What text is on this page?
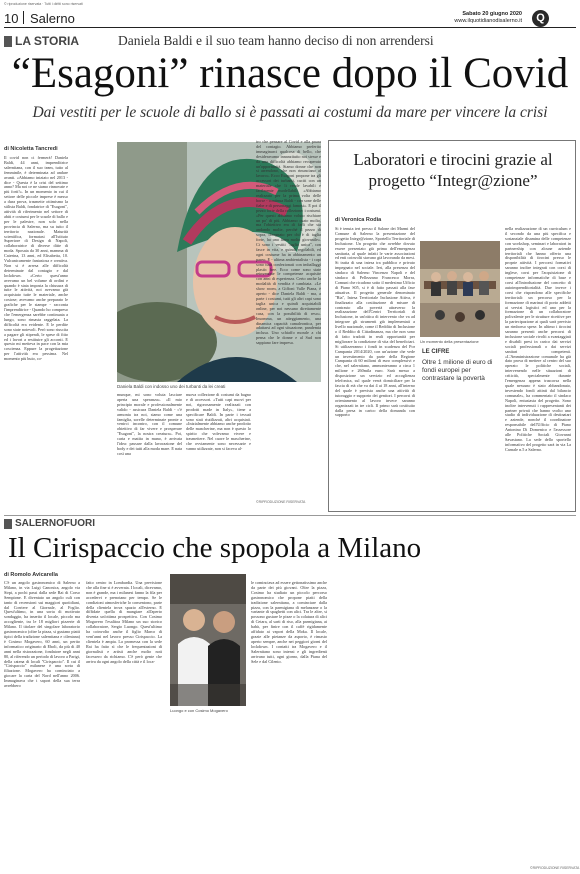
© riproduzione riservata · Tutti i diritti sono riservati
10 Salerno	Sabato 20 giugno 2020
www.ilquotidianodisalerno.it	Q
LA STORIA	Daniela Baldi e il suo team hanno deciso di non arrendersi
“Esagoni” rinasce dopo il Covid
Dai vestiti per le scuole di ballo si è passati ai costumi da mare per vincere la crisi
di Nicoletta Tancredi
Il covid non ci fermerà! Daniela Baldi, 44 anni, imprenditrice salernitana, con il suo team, tutto al femminile, è determinata ad andare avanti. «Abbiamo iniziato nel 2013 - dice - Questa è la crisi del settimo anno? Ma noi ce ne siamo rinnovate e più forti!». In un momento in cui il settore delle piccole imprese è messo a dura prova, trasmette ottimismo la stilista Baldi, fondatrice di "Esagoni", attività di riferimento nel settore di abiti e costumi per le scuole di ballo e per le palestre, non solo nella provincia di Salerno, ma su tutto il territorio nazionale. Maturità scientifica, formatasi all'Istituto Superiore di Design di Napoli, collaboratrice di diverse ditte di moda. Sposata da 30 anni, mamma di Caterina, 13 anni, ed Elisabetta, 10. Vulcanicamente fantasiosa e creativa. Non si è arresa alle difficoltà determinate dal contagio e dal lockdown. «Certo quest'anno avevamo un bel volume di ordini e quando è stata imposta la chiusura di tutte le attività, noi avevamo già acquistato tutte le materiale, anche costose; avevamo anche preparato le grafiche per le stampe - racconta l'imprenditrice - Quando ho compreso che l'emergenza sarebbe continuata a lungo, sono rimasta raggelata. La difficoltà era evidente. E le perdite sono state notevoli. Però sono riuscita a pagare gli stipendi, le spese di fitto ed i lavori a restituire gli acconti. E questo mi metteva in pace con la mia coscienza. Eppure la progettazione per l'attività era pessima. Nel momento più buio, co-
Daniela Baldi con indosso uno dei turbanti da lei creati
munque, mi sono voluta lasciare aperta una speranza». «Il mio principio morale e professionalmente valido - assicura Daniela Baldi - c'è armonia tra noi, siamo come una famiglia, sorelle determinate pronte a venirci incontro, con il comune obiettivo di far vivere e prosperare "Esagoni", la nostra creatura». Poi, carta e matita in mano, è arrivata l'idea: passare dalla lavorazione del body e dei tutti alla moda mare. E nata così una
nuova collezione di costumi da bagno e di accessori. «Tutti capi nuovi per noi, rigorosamente realizzati con prodotti made in Italy», tiene a specificare Baldi. In parte i tessuti sono stati riutilizzati, altri acquistati. «Inizialmente abbiamo anche prodotto delle mascherine, ma non è questo lo spirito che volevamo vivere e trasmettere. Nel cuore le mascherine, che ovviamente sono necessarie e vanno utilizzate, non si faceva al-
tro che pensare al Covid e alla paura del contagio. Abbiamo preferito immaginarci qualcosa di bello, che desideravamo innanzitutto noi stesse e da una difficoltà abbiamo recuperato un'opportunità. Siamo donne che non si arrendono, che non rinunciano al lavoro». Ecco Esagoni propone tra gli accessori dei turbanti, cuciti con un materiale che li rende lavabili e facilmente modellabili. «Abbiamo realizzato per la prima volta delle borse - continua Baldi - con sone delle fiabe e di personaggi famosi». E poi il pezzo forte della collezione: i costumi. «Per questi abbiamo voluto rischiare un po' di più. Abbiamo osato molto, ma l'obiettivo era di farli che sia andando molte, perché il pezzo di sopra, disegnato per chi è di taglia forte, ha una linea molto giovanile». Ci sono i vestiti "taglia unica", con fasce in vita, e quindi regolabili, ed ogni costume ha in abbinamento un pareo. E - ultima ambientalista - i capi sono tutti confezionati con imballaggi plastic free. Ecco come sono state reinventate le competenze acquisite con anni di esperienza. Certo anche la modalità di vendita è cambiata. «Le show room, a Giffoni Valle Piana, è aperto - dice Daniela Baldi - ma, a parte i costumi, tutti gli altri capi sono taglia unica e quindi acquistabili online, per noi nessuno direttamente casa, con la possibilità di reso». Insomma, un atteggiamento, una dinamica capacità camaleontica, per adattarsi ad ogni situazione, pandemia inclusa. Uno schiaffo morale a chi pensa che le donne e al Sud non sappiano fare impresa.
©RIPRODUZIONE RISERVATA
Laboratori e tirocini grazie al progetto “Integr@zione”
di Veronica Rodia
Si è tenuta ieri presso il Salone dei Marmi del Comune di Salerno la presentazione del progetto Integr@zione, Sportello Territoriale di Inclusione. Un progetto che avrebbe dovuto essere presentato già prima dell'emergenza sanitaria, al quale infatti le varie associazioni ed enti coinvolti stavano già lavorando da mesi. Si tratta di una intesa tra pubblico e privato impegnato nel sociale. Ieri, alla presenza del sindaco di Salerno Vincenzo Napoli e del sindaco di Pellezzano Francesco Morra, Comuni che ricadono sotto il medesimo Ufficio di Piano S05, si è di fatto passati alla fase attuativa. Il progetto generale denominato "Ria", Intesa Territoriale Inclusione Attiva, è finalizzato alla costituzione di misure di contrasto alla povertà attraverso la realizzazione dell'Centri Territoriali di Inclusione, in un'ottica di intervento che va ad integrare gli strumenti già implementati a livello nazionale, come il Reddito di Inclusione o il Reddito di Cittadinanza, ma che non sono di fatto tradotti in reali opportunità per migliorare la condizione di vita del beneficiari. Si utilizzeranno i fondi in scadenza del Por Campania 2014/2020, con un'azione che vede un investimento da parte della Regione Campania di 60 milioni di euro complessivi e che, nel salernitano, ammonteranno a circa 1 milione e 260mila euro. Sarà messo a disposizione un servizio ed accoglienza telefonica, sul quale verrà domiciliare per la fascia di età che va dai 4 ai 18 anni, all'interno del quale è prevista anche una attività di tutoraggio e supporto dei genitori. I percorsi di orientamento al lavoro invece saranno organizzati in tre cicli. Il primo sarà costituito dalla presa in carico della domanda con supporto
Un momento della presentazione
LE CIFRE
Oltre 1 milione di euro di fondi europei per contrastare la povertà
nella realizzazione di un curriculum e il secondo da una più specifica e sostanziale disamina delle competenze con workshop, seminari e laboratori in partnership con alcune aziende territoriali che hanno offerto una disponibilità di tirocini presso le proprie attività. I percorsi formativi saranno inoltre integrati con corsi di inglese, corsi per l'acquisizione di competenze informatiche di base e corsi all'introduzione del concetto di autoimprenditorialità. Due invece i corsi che rispondono alle specifiche territoriali: un percorso per la formazione di marinai di porto addetti ai servizi logistici ed uno per la formazione di un collaboratore polivalente per le strutture ricettive per la partecipazione ai quali sarà previsto un rimborso spese. In ultimo i tirocini saranno presenti anche percorsi di inclusione sociale rivolti a svantaggiati e disabili presi in carico dai servizi sociali professionali o dai servizi sanitari competenti. «L'Amministrazione comunale ha già dato prova di mettere al centro del suo operato le politiche sociali, intervenendo nelle situazioni di criticità, specialmente durante l'emergenza appena trascorsa nella quale nessuno è stato abbandonato, investendo fondi attinti dal bilancio comunale», ha commentato il sindaco Napoli, entusiasta del progetto. Sono inoltre intervenuti i rappresentanti dei partner privati che hanno svolto uno studio di individuazione di destinatari e aziende, nonché il coordinatore responsabile dell'Ufficio di Piano Antonino Di Domenico e l'assessore alle Politiche Sociali Giovanni Savastano. La sede dello sportello informativo del progetto sarà in via La Carnale n.5 a Salerno.
SALERNOFUORI
Il Cirispaccio che spopola a Milano
di Romolo Avicarella
C'è un angolo gastronomico di Salerno a Milano, in via Luigi Canonica, angolo via Sirpi, a pochi passi dalla sede Rai di Corso Sempione. E diventato un angolo cult con tanto di recensioni sui maggiori quotidiani, dal Corriere al Giornale, al Foglio. Quest'ultimo, in una sorta di motivato sondaggio, ha inserito il locale, piccolo ma accogliente, tra le 18 migliori pizzerie di Milano. Il titolare del singolare laboratorio gastronomico (oltre la pizza, si gustano piatti tipici della tradizione salernitana e cilentana) è Cosimo Mogavero, 60 anni, un perito informatico originario di Eboli, da più di 40 anni nella ristorazione, fondatore negli anni 80, al riferendo un periodo di lavoro a Parigi, della catena di locali "Cirispaccio". Il cui il "Cirispaccio" milanese è una sorta di filiazione. Mogavero ha cominciato a giocare la carta del Nord nell'anno 2006. Immaginava che i sapori della sua terra avrebbero
fatto centro in Lombardia. Una previsione che alla fine si è avverata. I locali, dicevamo, non è grande, ma i milanesi fanno la fila per accedervi e prenotano per tempo. Se le condizioni atmosferiche lo consentono, parte della clientela trova spazio all'esterno. E diffidate quella di mangiare all'aperto diventa un'ottima prospettiva. Con Cosimo Mogavero l'esalitoa Milano un suo storico collaboratore, Sergio Luongo. Quest'ultimo ha coinvolto anche il figlio Marco di vent'anni nel lavoro presso Cirispaccio. La clientela è ampia. La promessa con la sede Rai ha fatto sì che le frequentazioni di giornalisti e artisti anche molto noti facessero da richiamo. C'è però gente che arriva da ogni angolo della città e il loca-
Luongo e con Cosimo Mogavero
le cominciava ad essere gettonatissimo anche da parte dei più giovani. Oltre la pizza, Cosimo ha studiato un piccolo percorso gastronomico che propone piatti della tradizione salernitana, a cominciare dalla pizza, con la parmigiana di melanzane o la variante di spaghetti con alici. Tra le altre, si possono gustare le pizze o la colatura di alici di Cetara, al sarti di riso, alla parmigiana, ai babà, per finire con il caffè rigidamente affidato ai vapori della Moka. Il locale, grazie alle pietanze da asporto, è rimasto aperto sempre, anche nei peggiori giorni del lockdown. I contatti tra Mogavero e il Salernitano sono intensi e gli ingredienti arrivano tutti, ogni giorno, dalla Piana del Sele e dal Cilento.
©RIPRODUZIONE RISERVATA
